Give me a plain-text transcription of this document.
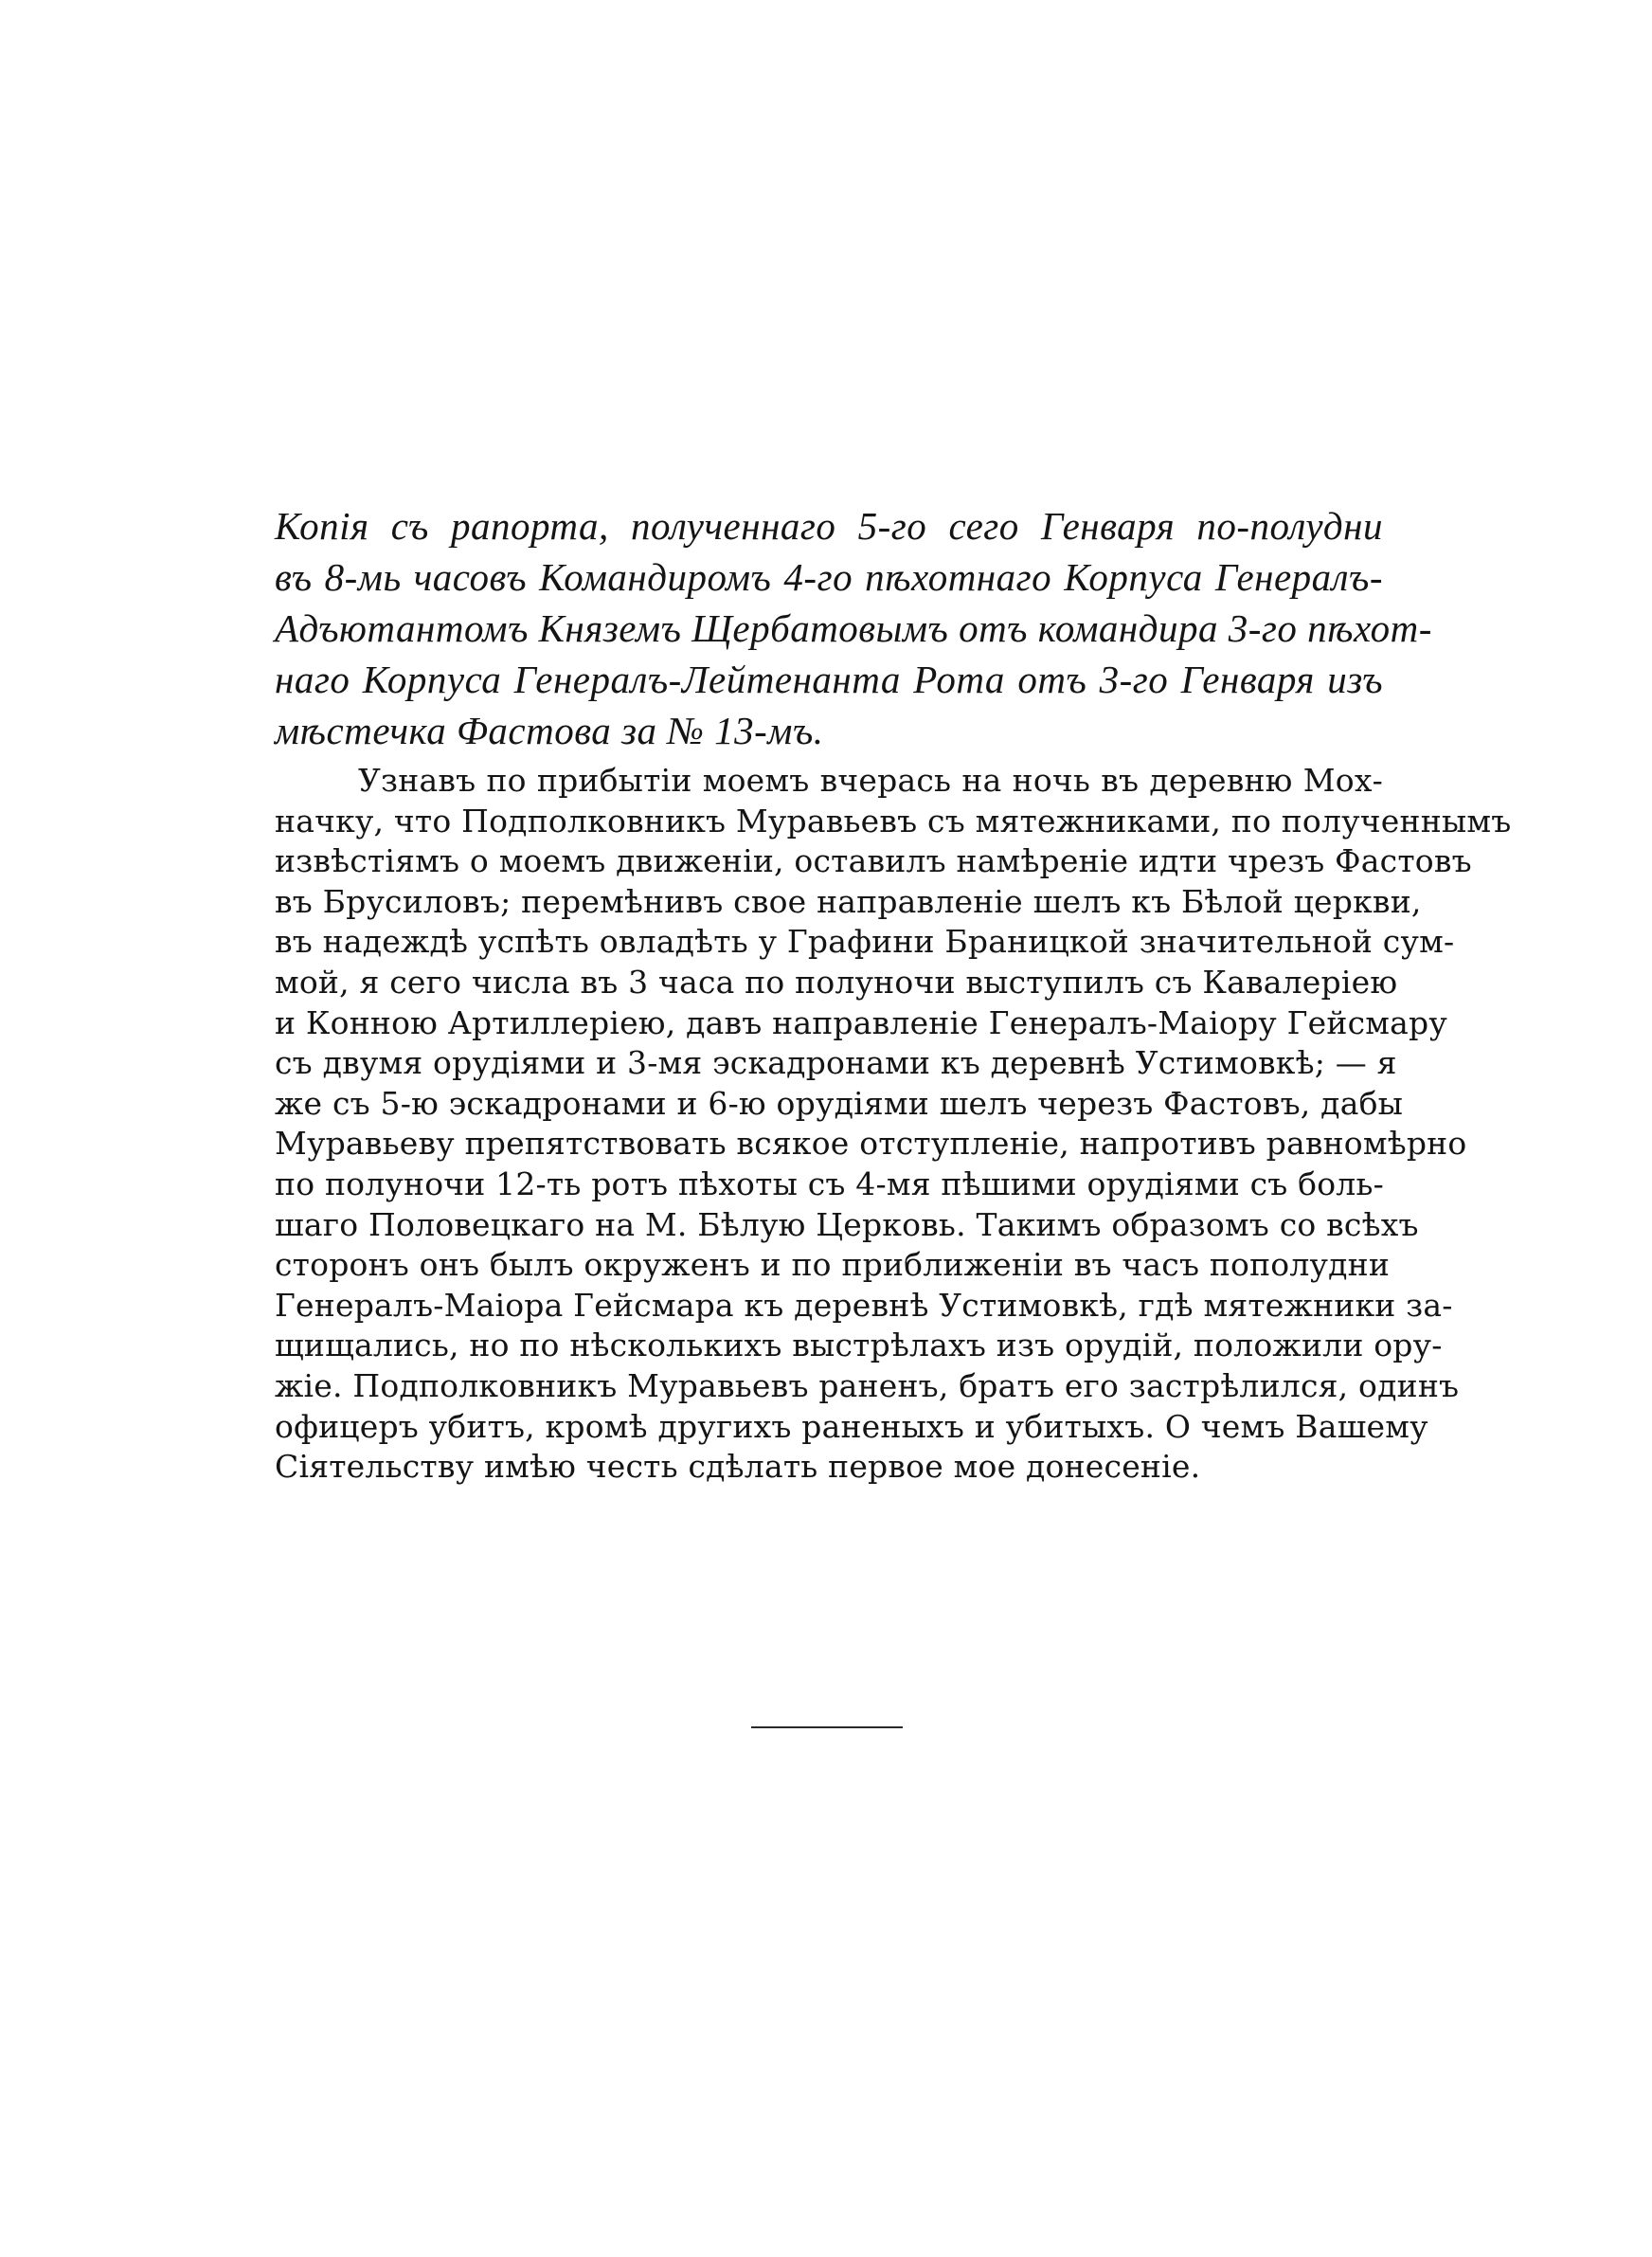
Копія съ рапорта, полученнаго 5-го сего Генваря по-полудни
въ 8-мь часовъ Командиромъ 4-го пѣхотнаго Корпуса Генералъ-
Адъютантомъ Княземъ Щербатовымъ отъ командира 3-го пѣхот-
наго Корпуса Генералъ-Лейтенанта Рота отъ 3-го Генваря изъ
мѣстечка Фастова за № 13-мъ.
Узнавъ по прибытіи моемъ вчерась на ночь въ деревню Мох-
начку, что Подполковникъ Муравьевъ съ мятежниками, по полученнымъ
извѣстіямъ о моемъ движеніи, оставилъ намѣреніе идти чрезъ Фастовъ
въ Брусиловъ; перемѣнивъ свое направленіе шелъ къ Бѣлой церкви,
въ надеждѣ успѣть овладѣть у Графини Браницкой значительной сум-
мой, я сего числа въ 3 часа по полуночи выступилъ съ Кавалеріею
и Конною Артиллеріею, давъ направленіе Генералъ-Маіору Гейсмару
съ двумя орудіями и 3-мя эскадронами къ деревнѣ Устимовкѣ; — я
же съ 5-ю эскадронами и 6-ю орудіями шелъ черезъ Фастовъ, дабы
Муравьеву препятствовать всякое отступленіе, напротивъ равномѣрно
по полуночи 12-ть ротъ пѣхоты съ 4-мя пѣшими орудіями съ боль-
шаго Половецкаго на М. Бѣлую Церковь. Такимъ образомъ со всѣхъ
сторонъ онъ былъ окруженъ и по приближеніи въ часъ пополудни
Генералъ-Маіора Гейсмара къ деревнѣ Устимовкѣ, гдѣ мятежники за-
щищались, но по нѣсколькихъ выстрѣлахъ изъ орудій, положили ору-
жіе. Подполковникъ Муравьевъ раненъ, братъ его застрѣлился, одинъ
офицеръ убитъ, кромѣ другихъ раненыхъ и убитыхъ. О чемъ Вашему
Сіятельству имѣю честь сдѣлать первое мое донесеніе.
